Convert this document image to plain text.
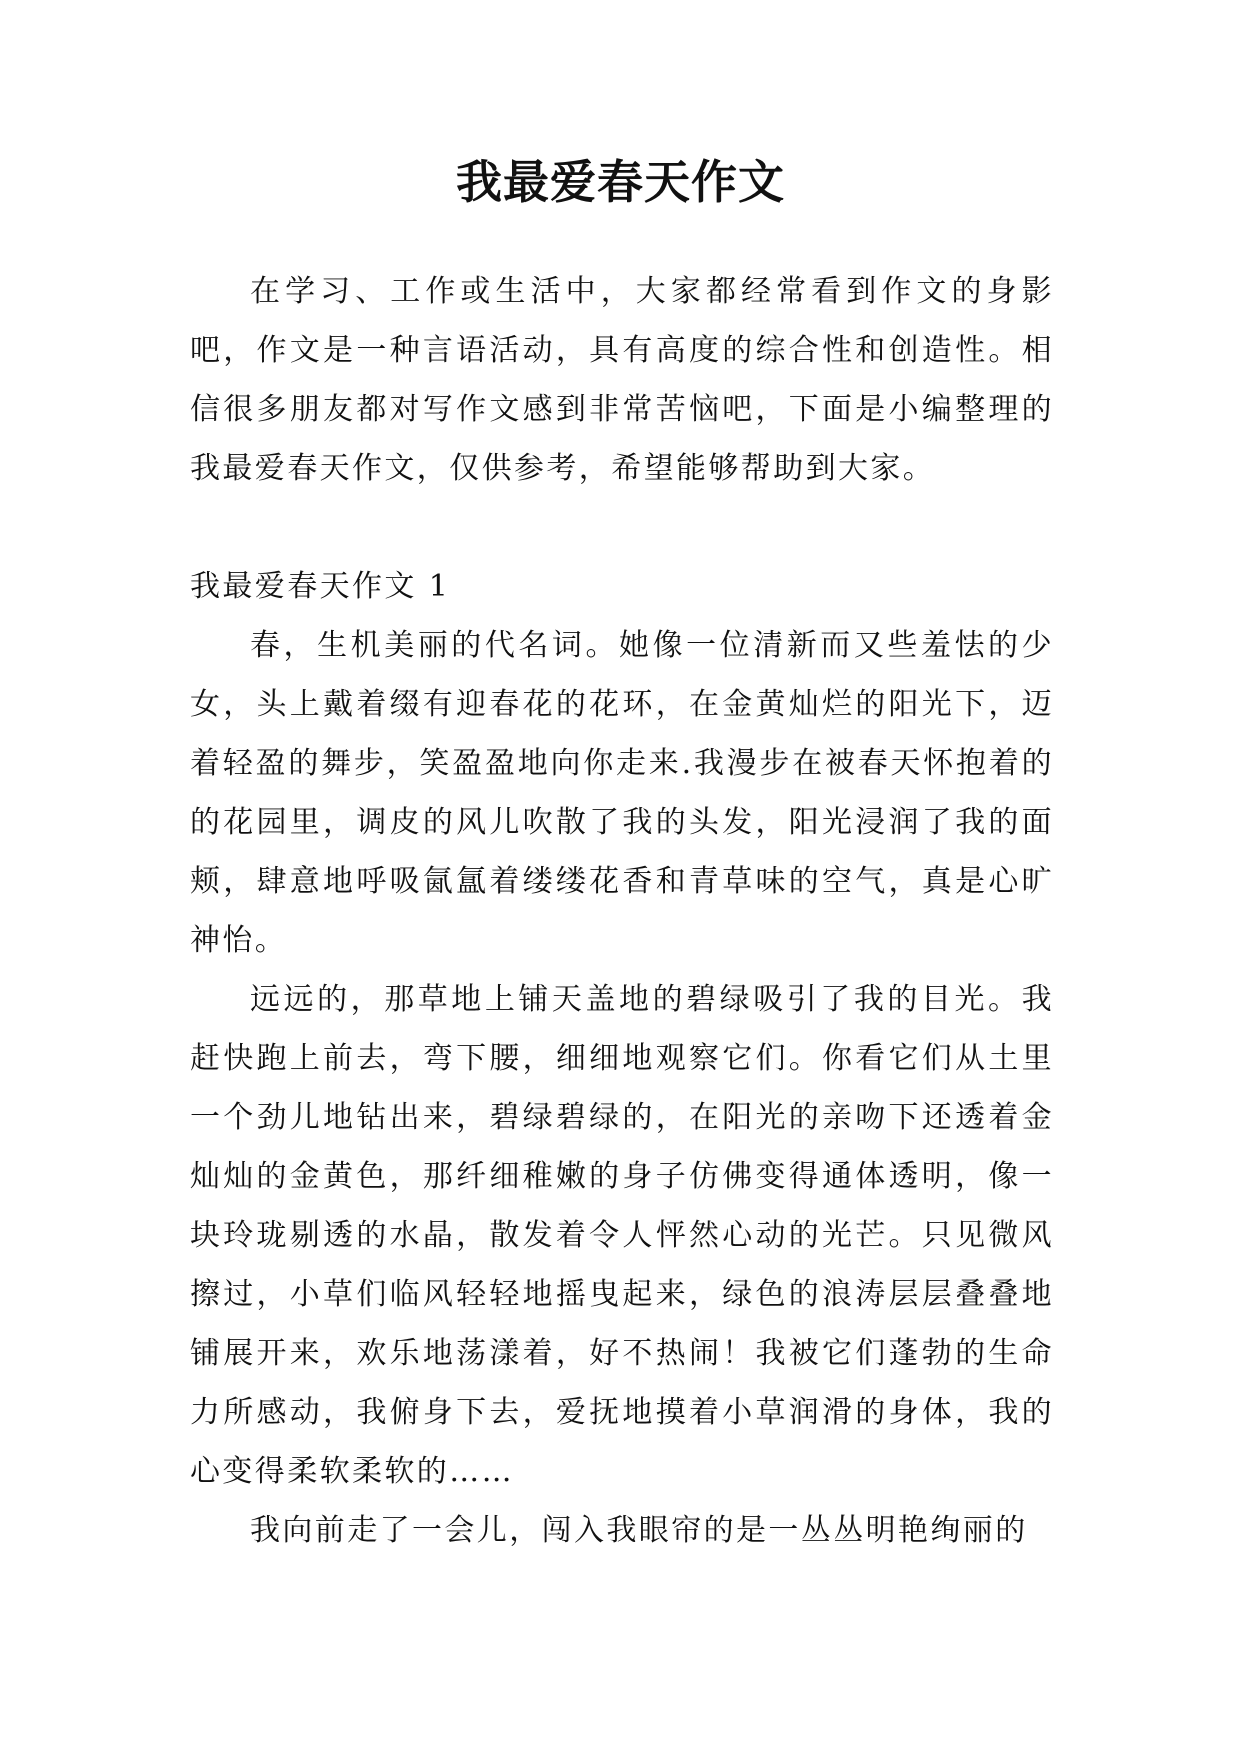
我最爱春天作文

在学习、工作或生活中，大家都经常看到作文的身影吧，作文是一种言语活动，具有高度的综合性和创造性。相信很多朋友都对写作文感到非常苦恼吧，下面是小编整理的我最爱春天作文，仅供参考，希望能够帮助到大家。

我最爱春天作文 1

春，生机美丽的代名词。她像一位清新而又些羞怯的少女，头上戴着缀有迎春花的花环，在金黄灿烂的阳光下，迈着轻盈的舞步，笑盈盈地向你走来.我漫步在被春天怀抱着的的花园里，调皮的风儿吹散了我的头发，阳光浸润了我的面颊，肆意地呼吸氤氲着缕缕花香和青草味的空气，真是心旷神怡。

远远的，那草地上铺天盖地的碧绿吸引了我的目光。我赶快跑上前去，弯下腰，细细地观察它们。你看它们从土里一个劲儿地钻出来，碧绿碧绿的，在阳光的亲吻下还透着金灿灿的金黄色，那纤细稚嫩的身子仿佛变得通体透明，像一块玲珑剔透的水晶，散发着令人怦然心动的光芒。只见微风擦过，小草们临风轻轻地摇曳起来，绿色的浪涛层层叠叠地铺展开来，欢乐地荡漾着，好不热闹！我被它们蓬勃的生命力所感动，我俯身下去，爱抚地摸着小草润滑的身体，我的心变得柔软柔软的……

我向前走了一会儿，闯入我眼帘的是一丛丛明艳绚丽的
